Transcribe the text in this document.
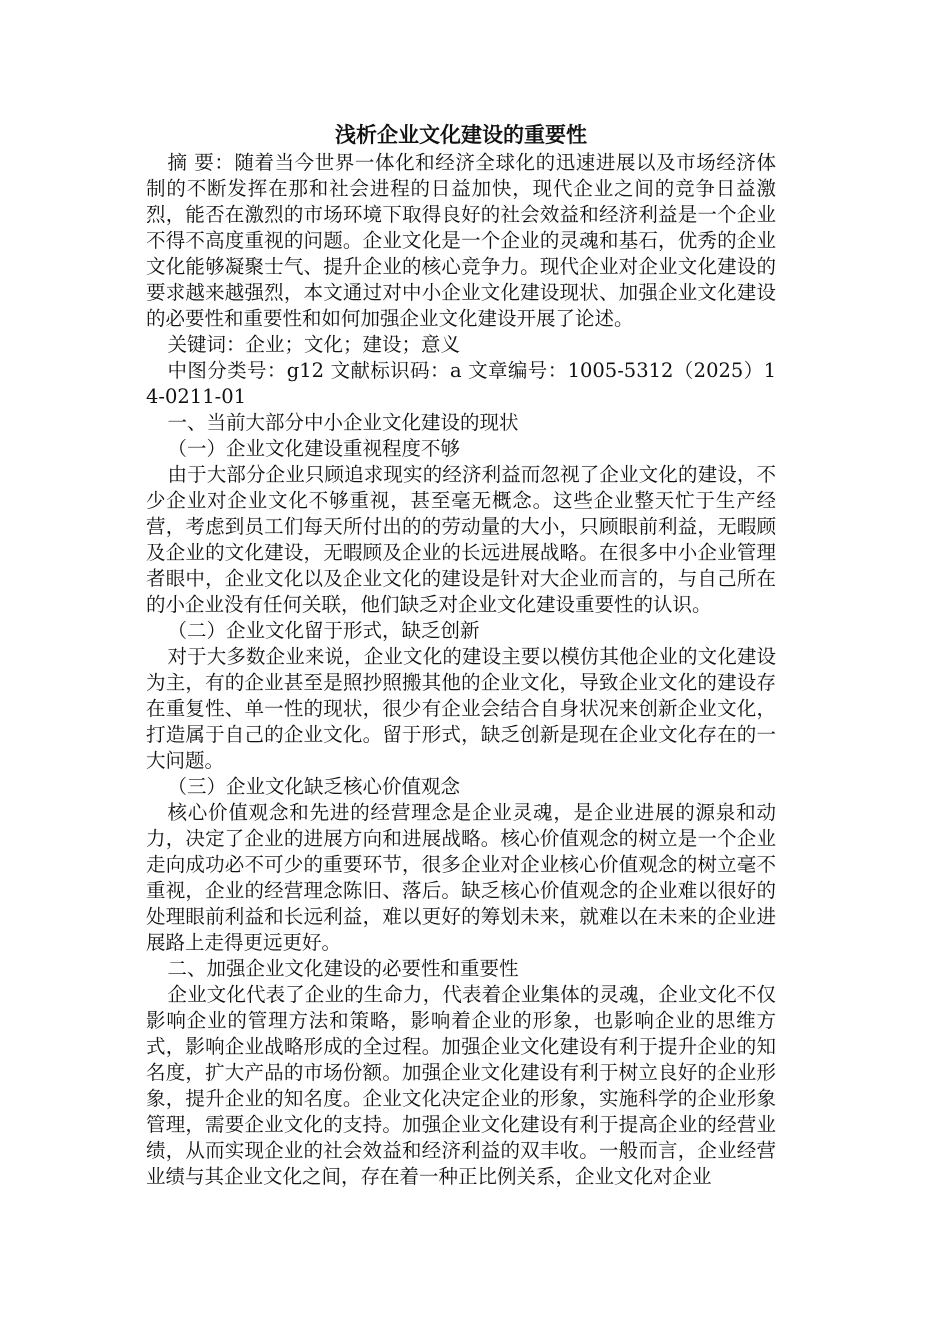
浅析企业文化建设的重要性
摘 要：随着当今世界一体化和经济全球化的迅速进展以及市场经济体制的不断发挥在那和社会进程的日益加快，现代企业之间的竞争日益激烈，能否在激烈的市场环境下取得良好的社会效益和经济利益是一个企业不得不高度重视的问题。企业文化是一个企业的灵魂和基石，优秀的企业文化能够凝聚士气、提升企业的核心竞争力。现代企业对企业文化建设的要求越来越强烈，本文通过对中小企业文化建设现状、加强企业文化建设的必要性和重要性和如何加强企业文化建设开展了论述。
关键词：企业；文化；建设；意义
中图分类号：g12 文献标识码：a 文章编号：1005-5312（2025）14-0211-01
一、当前大部分中小企业文化建设的现状
（一）企业文化建设重视程度不够
由于大部分企业只顾追求现实的经济利益而忽视了企业文化的建设，不少企业对企业文化不够重视，甚至毫无概念。这些企业整天忙于生产经营，考虑到员工们每天所付出的的劳动量的大小，只顾眼前利益，无暇顾及企业的文化建设，无暇顾及企业的长远进展战略。在很多中小企业管理者眼中，企业文化以及企业文化的建设是针对大企业而言的，与自己所在的小企业没有任何关联，他们缺乏对企业文化建设重要性的认识。
（二）企业文化留于形式，缺乏创新
对于大多数企业来说，企业文化的建设主要以模仿其他企业的文化建设为主，有的企业甚至是照抄照搬其他的企业文化，导致企业文化的建设存在重复性、单一性的现状，很少有企业会结合自身状况来创新企业文化，打造属于自己的企业文化。留于形式，缺乏创新是现在企业文化存在的一大问题。
（三）企业文化缺乏核心价值观念
核心价值观念和先进的经营理念是企业灵魂，是企业进展的源泉和动力，决定了企业的进展方向和进展战略。核心价值观念的树立是一个企业走向成功必不可少的重要环节，很多企业对企业核心价值观念的树立毫不重视，企业的经营理念陈旧、落后。缺乏核心价值观念的企业难以很好的处理眼前利益和长远利益，难以更好的筹划未来，就难以在未来的企业进展路上走得更远更好。
二、加强企业文化建设的必要性和重要性
企业文化代表了企业的生命力，代表着企业集体的灵魂，企业文化不仅影响企业的管理方法和策略，影响着企业的形象，也影响企业的思维方式，影响企业战略形成的全过程。加强企业文化建设有利于提升企业的知名度，扩大产品的市场份额。加强企业文化建设有利于树立良好的企业形象，提升企业的知名度。企业文化决定企业的形象，实施科学的企业形象管理，需要企业文化的支持。加强企业文化建设有利于提高企业的经营业绩，从而实现企业的社会效益和经济利益的双丰收。一般而言，企业经营业绩与其企业文化之间，存在着一种正比例关系，企业文化对企业
